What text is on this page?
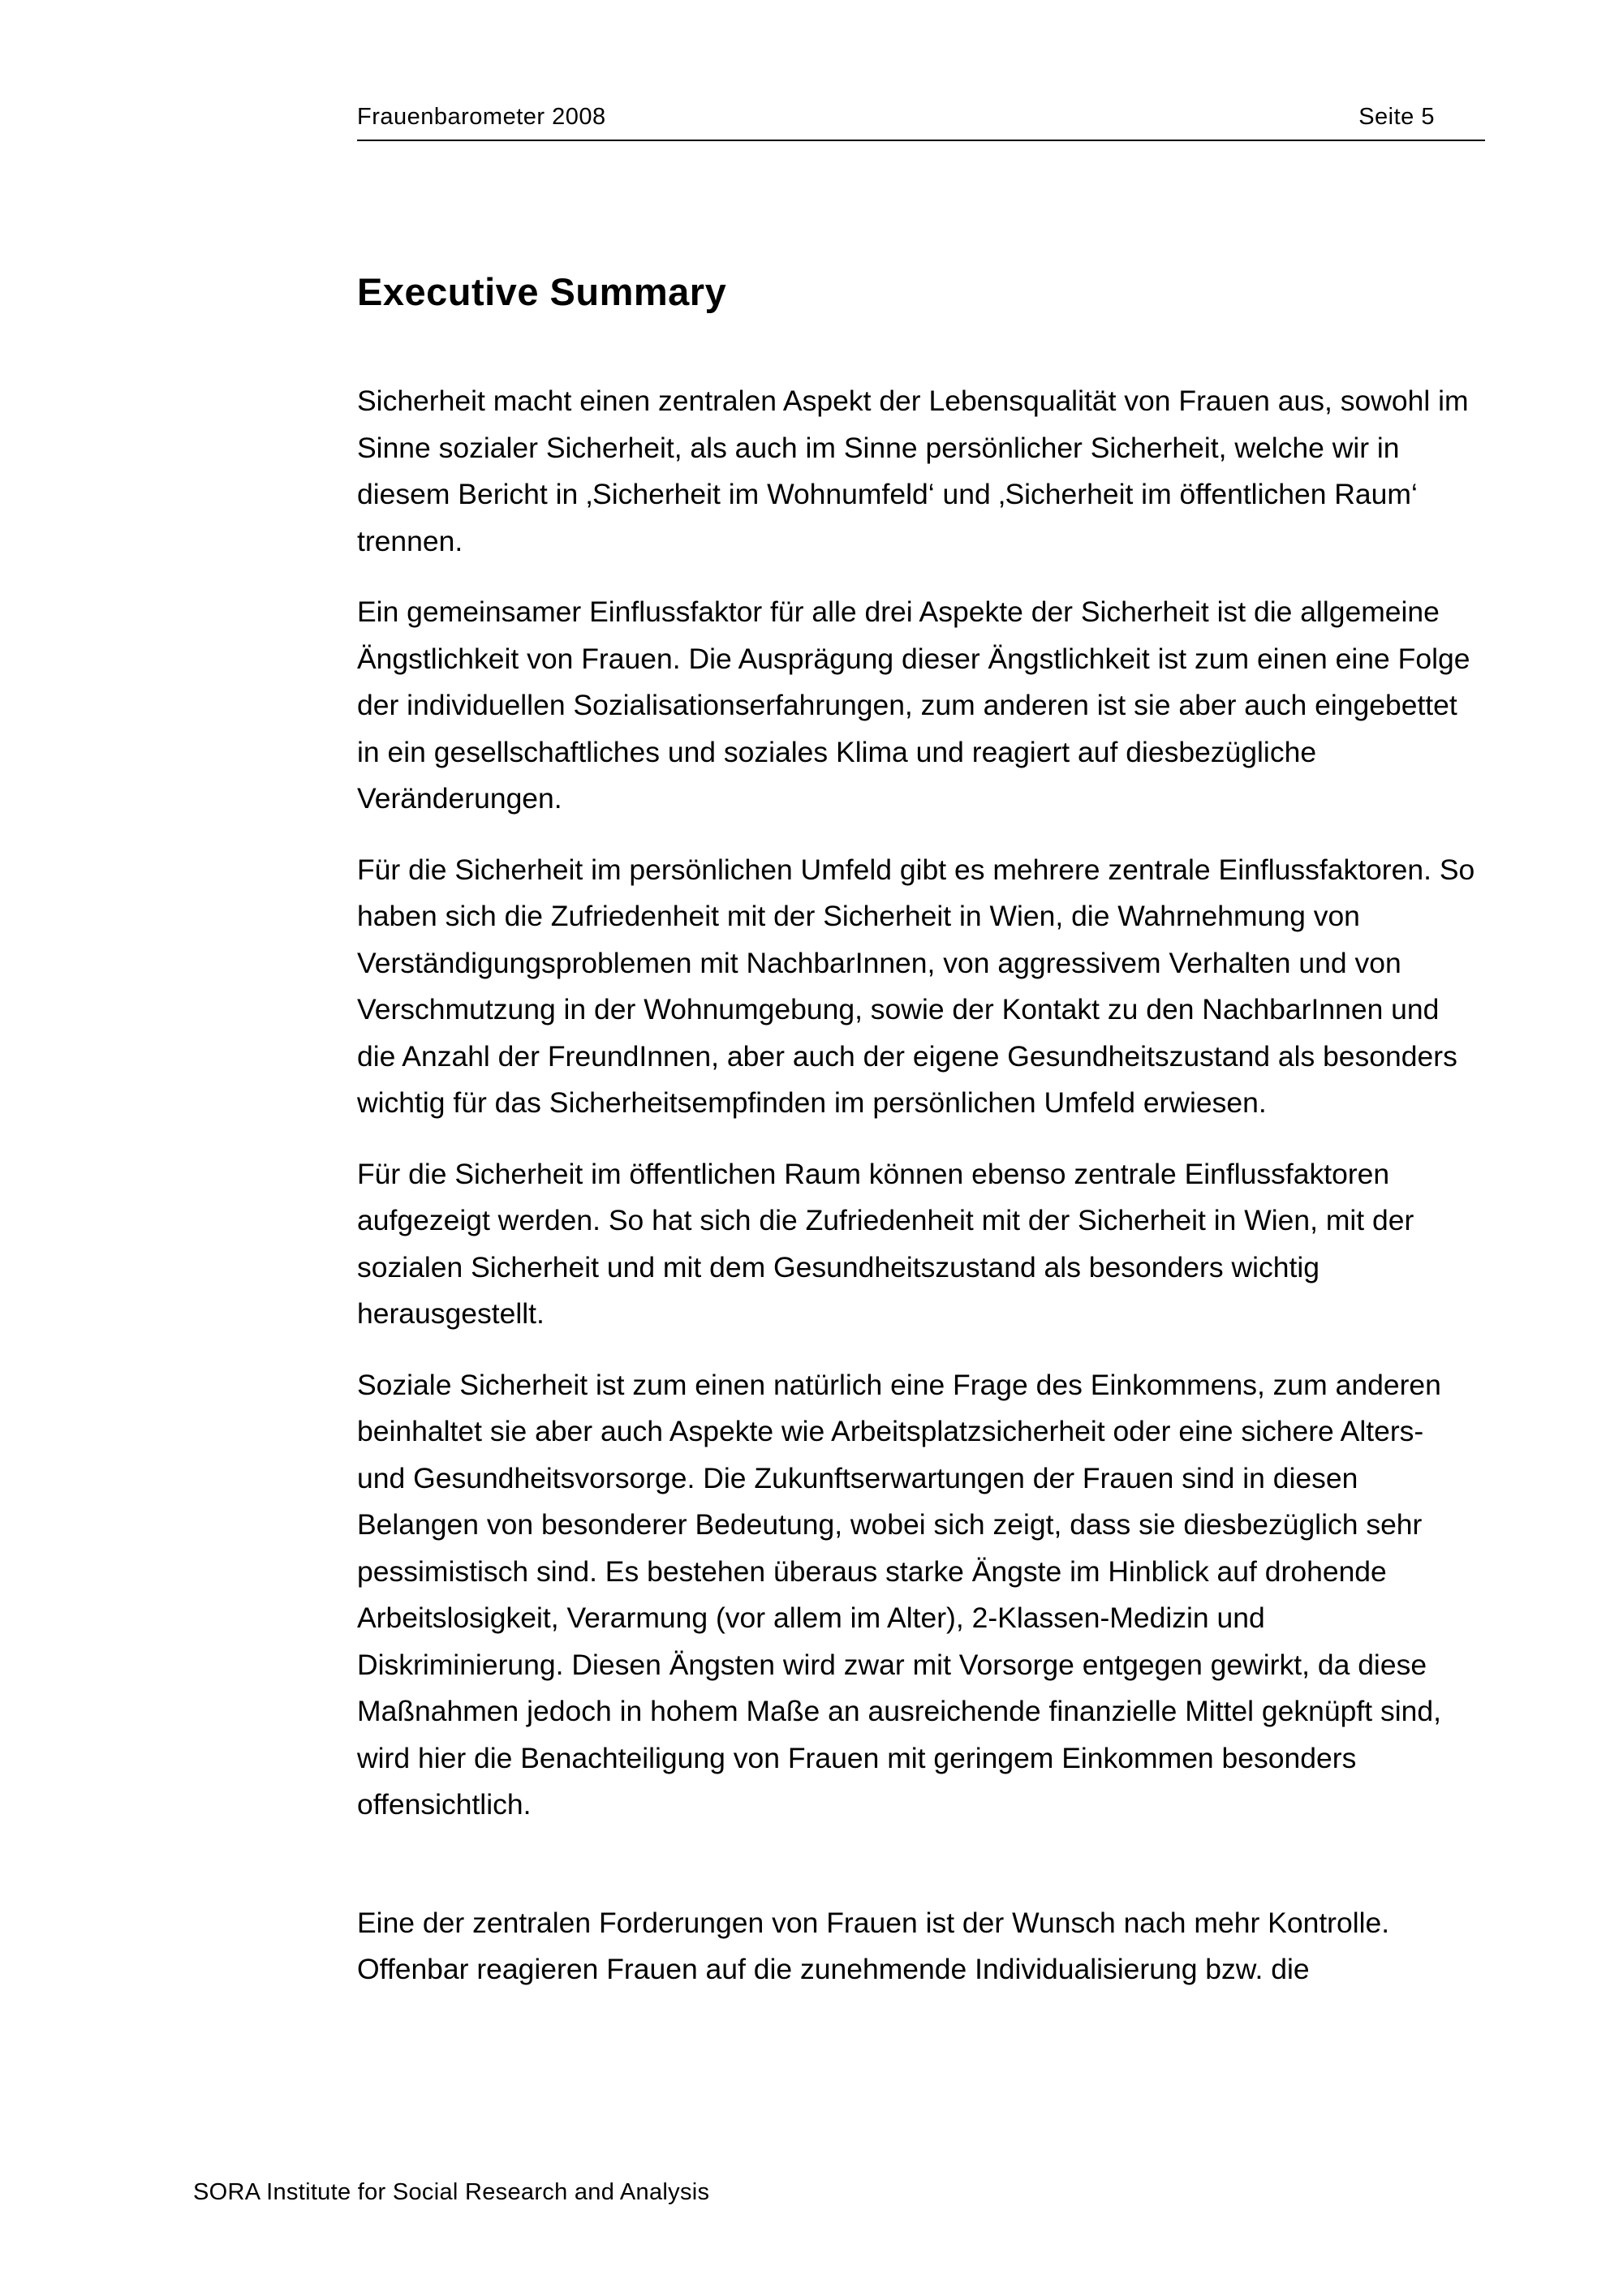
Frauenbarometer 2008	Seite 5
Executive Summary

Sicherheit macht einen zentralen Aspekt der Lebensqualität von Frauen aus, sowohl im Sinne sozialer Sicherheit, als auch im Sinne persönlicher Sicherheit, welche wir in diesem Bericht in ‚Sicherheit im Wohnumfeld‘ und ‚Sicherheit im öffentlichen Raum‘ trennen.

Ein gemeinsamer Einflussfaktor für alle drei Aspekte der Sicherheit ist die allgemeine Ängstlichkeit von Frauen. Die Ausprägung dieser Ängstlichkeit ist zum einen eine Folge der individuellen Sozialisationserfahrungen, zum anderen ist sie aber auch eingebettet in ein gesellschaftliches und soziales Klima und reagiert auf diesbezügliche Veränderungen.

Für die Sicherheit im persönlichen Umfeld gibt es mehrere zentrale Einflussfaktoren. So haben sich die Zufriedenheit mit der Sicherheit in Wien, die Wahrnehmung von Verständigungsproblemen mit NachbarInnen, von aggressivem Verhalten und von Verschmutzung in der Wohnumgebung, sowie der Kontakt zu den NachbarInnen und die Anzahl der FreundInnen, aber auch der eigene Gesundheitszustand als besonders wichtig für das Sicherheitsempfinden im persönlichen Umfeld erwiesen.

Für die Sicherheit im öffentlichen Raum können ebenso zentrale Einflussfaktoren aufgezeigt werden. So hat sich die Zufriedenheit mit der Sicherheit in Wien, mit der sozialen Sicherheit und mit dem Gesundheitszustand als besonders wichtig herausgestellt.

Soziale Sicherheit ist zum einen natürlich eine Frage des Einkommens, zum anderen beinhaltet sie aber auch Aspekte wie Arbeitsplatzsicherheit oder eine sichere Alters- und Gesundheitsvorsorge. Die Zukunftserwartungen der Frauen sind in diesen Belangen von besonderer Bedeutung, wobei sich zeigt, dass sie diesbezüglich sehr pessimistisch sind. Es bestehen überaus starke Ängste im Hinblick auf drohende Arbeitslosigkeit, Verarmung (vor allem im Alter), 2-Klassen-Medizin und Diskriminierung. Diesen Ängsten wird zwar mit Vorsorge entgegen gewirkt, da diese Maßnahmen jedoch in hohem Maße an ausreichende finanzielle Mittel geknüpft sind, wird hier die Benachteiligung von Frauen mit geringem Einkommen besonders offensichtlich.

Eine der zentralen Forderungen von Frauen ist der Wunsch nach mehr Kontrolle. Offenbar reagieren Frauen auf die zunehmende Individualisierung bzw. die

SORA Institute for Social Research and Analysis
